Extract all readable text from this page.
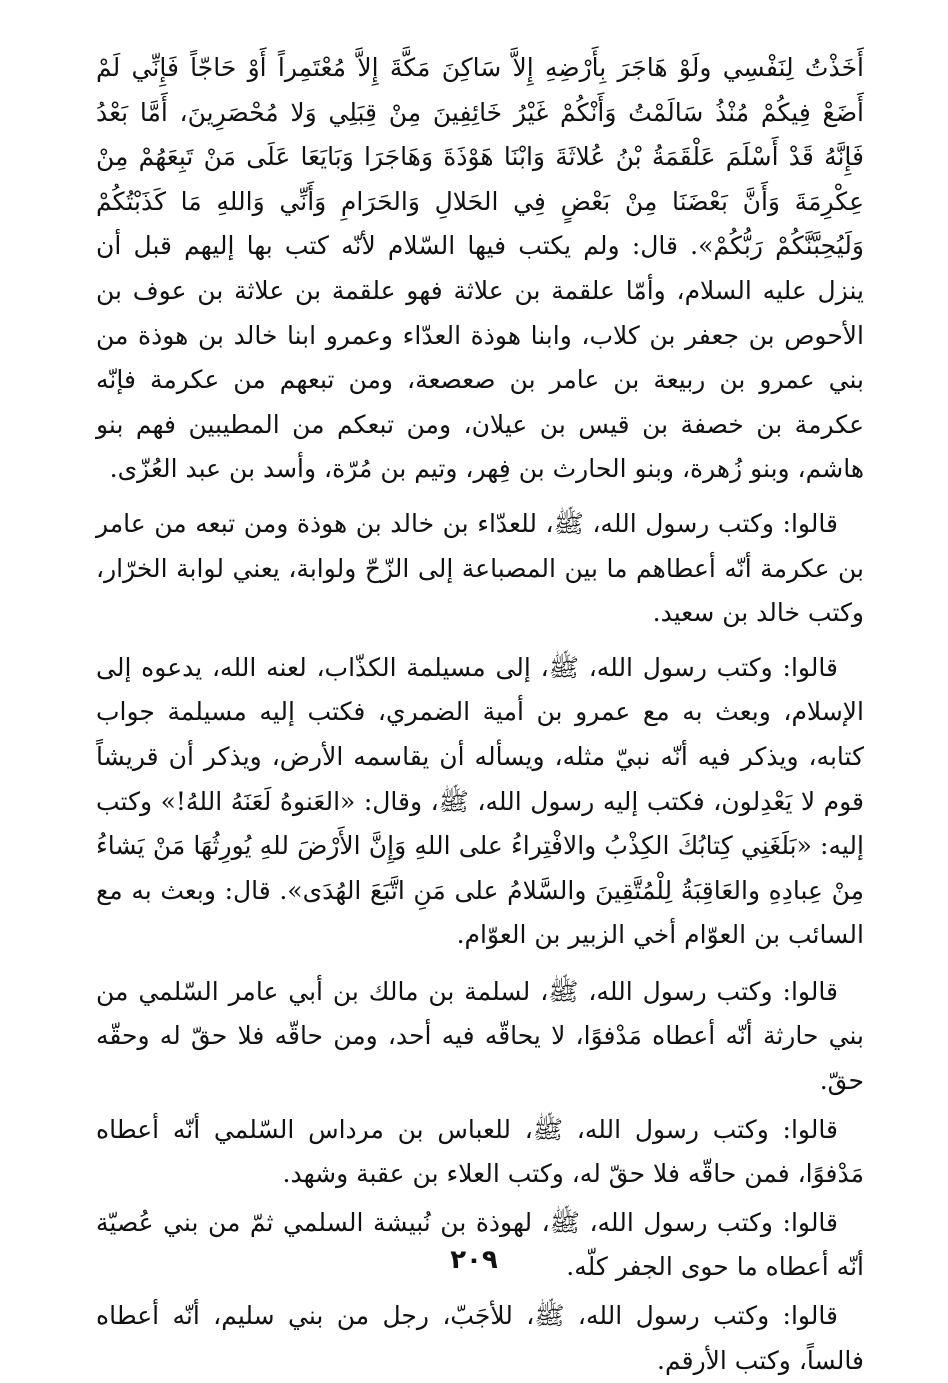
أَخَذْتُ لِنَفْسِي ولَوْ هَاجَرَ بِأَرْضِهِ إِلاَّ سَاكِنَ مَكَّةَ إِلاَّ مُعْتَمِراً أَوْ حَاجّاً فَإِنِّي لَمْ أَضَعْ فِيكُمْ مُنْذُ سَالَمْتُ وَأَنْكُمْ غَيْرُ خَائِفِينَ مِنْ قِبَلِي وَلا مُحْصَرِينَ، أَمَّا بَعْدُ فَإِنَّهُ قَدْ أَسْلَمَ عَلْقَمَةُ بْنُ عُلاثَةَ وَابْنَا هَوْذَةَ وَهَاجَرَا وَبَايَعَا عَلَى مَنْ تَبِعَهُمْ مِنْ عِكْرِمَةَ وَأَنَّ بَعْضَنَا مِنْ بَعْضٍ فِي الحَلالِ وَالحَرَامِ وَأَنِّي وَاللهِ مَا كَذَبْتُكُمْ وَلَيُحِبَّنَّكُمْ رَبُّكُمْ». قال: ولم يكتب فيها السّلام لأنّه كتب بها إليهم قبل أن ينزل عليه السلام، وأمّا علقمة بن علاثة فهو علقمة بن علاثة بن عوف بن الأحوص بن جعفر بن كلاب، وابنا هوذة العدّاء وعمرو ابنا خالد بن هوذة من بني عمرو بن ربيعة بن عامر بن صعصعة، ومن تبعهم من عكرمة فإنّه عكرمة بن خصفة بن قيس بن عيلان، ومن تبعكم من المطيبين فهم بنو هاشم، وبنو زُهرة، وبنو الحارث بن فِهر، وتيم بن مُرّة، وأسد بن عبد العُزّى.

قالوا: وكتب رسول الله، ﷺ، للعدّاء بن خالد بن هوذة ومن تبعه من عامر بن عكرمة أنّه أعطاهم ما بين المصباعة إلى الزّحّ ولوابة، يعني لوابة الخرّار، وكتب خالد بن سعيد.

قالوا: وكتب رسول الله، ﷺ، إلى مسيلمة الكذّاب، لعنه الله، يدعوه إلى الإسلام، وبعث به مع عمرو بن أمية الضمري، فكتب إليه مسيلمة جواب كتابه، ويذكر فيه أنّه نبيّ مثله، ويسأله أن يقاسمه الأرض، ويذكر أن قريشاً قوم لا يَعْدِلون، فكتب إليه رسول الله، ﷺ، وقال: «العَنوهُ لَعَنَهُ اللهُ!» وكتب إليه: «بَلَغَنِي كِتابُكَ الكِذْبُ والافْتِراءُ على اللهِ وَإِنَّ الأَرْضَ للهِ يُورِثُهَا مَنْ يَشاءُ مِنْ عِبادِهِ والعَاقِبَةُ لِلْمُتَّقِينَ والسَّلامُ على مَنِ اتَّبَعَ الهُدَى». قال: وبعث به مع السائب بن العوّام أخي الزبير بن العوّام.

قالوا: وكتب رسول الله، ﷺ، لسلمة بن مالك بن أبي عامر السّلمي من بني حارثة أنّه أعطاه مَدْفوًا، لا يحاقّه فيه أحد، ومن حاقّه فلا حقّ له وحقّه حقّ.

قالوا: وكتب رسول الله، ﷺ، للعباس بن مرداس السّلمي أنّه أعطاه مَدْفوًا، فمن حاقّه فلا حقّ له، وكتب العلاء بن عقبة وشهد.

قالوا: وكتب رسول الله، ﷺ، لهوذة بن نُبيشة السلمي ثمّ من بني عُصيّة أنّه أعطاه ما حوى الجفر كلّه.

قالوا: وكتب رسول الله، ﷺ، للأجَبّ، رجل من بني سليم، أنّه أعطاه فالساً، وكتب الأرقم.

٢٠٩
